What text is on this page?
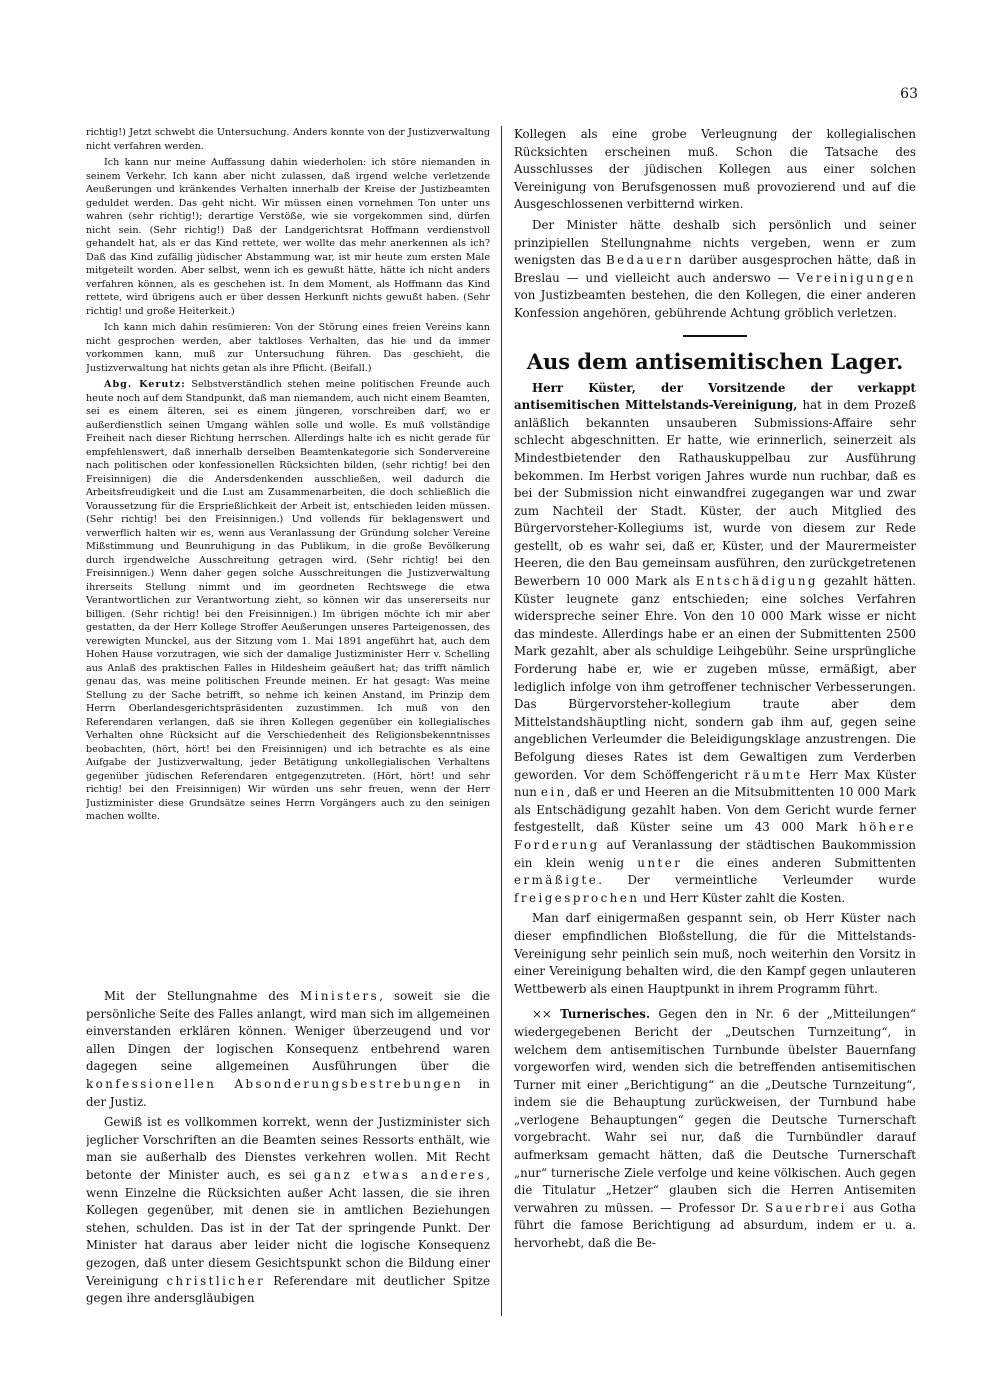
63

richtig!) Jetzt schwebt die Untersuchung. Anders konnte von der Justizverwaltung nicht verfahren werden.

Ich kann nur meine Auffassung dahin wiederholen: ich störe niemanden in seinem Verkehr. Ich kann aber nicht zulassen, daß irgend welche verletzende Aeußerungen und kränkendes Verhalten innerhalb der Kreise der Justizbeamten geduldet werden. Das geht nicht. Wir müssen einen vornehmen Ton unter uns wahren (sehr richtig!); derartige Verstöße, wie sie vorgekommen sind, dürfen nicht sein. (Sehr richtig!) Daß der Landgerichtsrat Hoffmann verdienstvoll gehandelt hat, als er das Kind rettete, wer wollte das mehr anerkennen als ich? Daß das Kind zufällig jüdischer Abstammung war, ist mir heute zum ersten Male mitgeteilt worden. Aber selbst, wenn ich es gewußt hätte, hätte ich nicht anders verfahren können, als es geschehen ist. In dem Moment, als Hoffmann das Kind rettete, wird übrigens auch er über dessen Herkunft nichts gewußt haben. (Sehr richtig! und große Heiterkeit.)

Ich kann mich dahin resümieren: Von der Störung eines freien Vereins kann nicht gesprochen werden, aber taktloses Verhalten, das hie und da immer vorkommen kann, muß zur Untersuchung führen. Das geschieht, die Justizverwaltung hat nichts getan als ihre Pflicht. (Beifall.)

Abg. Kerutz: Selbstverständlich stehen meine politischen Freunde auch heute noch auf dem Standpunkt, daß man niemandem, auch nicht einem Beamten, sei es einem älteren, sei es einem jüngeren, vorschreiben darf, wo er außerdienstlich seinen Umgang wählen solle und wolle. Es muß vollständige Freiheit nach dieser Richtung herrschen. Allerdings halte ich es nicht gerade für empfehlenswert, daß innerhalb derselben Beamtenkategorie sich Sondervereine nach politischen oder konfessionellen Rücksichten bilden, (sehr richtig! bei den Freisinnigen) die die Andersdenkenden ausschließen, weil dadurch die Arbeitsfreudigkeit und die Lust am Zusammenarbeiten, die doch schließlich die Voraussetzung für die Ersprießlichkeit der Arbeit ist, entschieden leiden müssen. (Sehr richtig! bei den Freisinnigen.) Und vollends für beklagenswert und verwerflich halten wir es, wenn aus Veranlassung der Gründung solcher Vereine Mißstimmung und Beunruhigung in das Publikum, in die große Bevölkerung durch irgendwelche Ausschreitung getragen wird. (Sehr richtig! bei den Freisinnigen.) Wenn daher gegen solche Ausschreitungen die Justizverwaltung ihrerseits Stellung nimmt und im geordneten Rechtswege die etwa Verantwortlichen zur Verantwortung zieht, so können wir das unsererseits nur billigen. (Sehr richtig! bei den Freisinnigen.) Im übrigen möchte ich mir aber gestatten, da der Herr Kollege Stroffer Aeußerungen unseres Parteigenossen, des verewigten Munckel, aus der Sitzung vom 1. Mai 1891 angeführt hat, auch dem Hohen Hause vorzutragen, wie sich der damalige Justizminister Herr v. Schelling aus Anlaß des praktischen Falles in Hildesheim geäußert hat; das trifft nämlich genau das, was meine politischen Freunde meinen. Er hat gesagt: Was meine Stellung zu der Sache betrifft, so nehme ich keinen Anstand, im Prinzip dem Herrn Oberlandesgerichtspräsidenten zuzustimmen. Ich muß von den Referendaren verlangen, daß sie ihren Kollegen gegenüber ein kollegialisches Verhalten ohne Rücksicht auf die Verschiedenheit des Religionsbekenntnisses beobachten, (hört, hört! bei den Freisinnigen) und ich betrachte es als eine Aufgabe der Justizverwaltung, jeder Betätigung unkollegialischen Verhaltens gegenüber jüdischen Referendaren entgegenzutreten. (Hört, hört! und sehr richtig! bei den Freisinnigen) Wir würden uns sehr freuen, wenn der Herr Justizminister diese Grundsätze seines Herrn Vorgängers auch zu den seinigen machen wollte.

Mit der Stellungnahme des Ministers, soweit sie die persönliche Seite des Falles anlangt, wird man sich im allgemeinen einverstanden erklären können. Weniger überzeugend und vor allen Dingen der logischen Konsequenz entbehrend waren dagegen seine allgemeinen Ausführungen über die konfessionellen Absonderungsbestrebungen in der Justiz.

Gewiß ist es vollkommen korrekt, wenn der Justizminister sich jeglicher Vorschriften an die Beamten seines Ressorts enthält, wie man sie außerhalb des Dienstes verkehren wollen. Mit Recht betonte der Minister auch, es sei ganz etwas anderes, wenn Einzelne die Rücksichten außer Acht lassen, die sie ihren Kollegen gegenüber, mit denen sie in amtlichen Beziehungen stehen, schulden. Das ist in der Tat der springende Punkt. Der Minister hat daraus aber leider nicht die logische Konsequenz gezogen, daß unter diesem Gesichtspunkt schon die Bildung einer Vereinigung christlicher Referendare mit deutlicher Spitze gegen ihre andersgläubigen

Kollegen als eine grobe Verleugnung der kollegialischen Rücksichten erscheinen muß. Schon die Tatsache des Ausschlusses der jüdischen Kollegen aus einer solchen Vereinigung von Berufsgenossen muß provozierend und auf die Ausgeschlossenen verbitternd wirken.

Der Minister hätte deshalb sich persönlich und seiner prinzipiellen Stellungnahme nichts vergeben, wenn er zum wenigsten das Bedauern darüber ausgesprochen hätte, daß in Breslau — und vielleicht auch anderswo — Vereinigungen von Justizbeamten bestehen, die den Kollegen, die einer anderen Konfession angehören, gebührende Achtung gröblich verletzen.

Aus dem antisemitischen Lager.

Herr Küster, der Vorsitzende der verkappt antisemitischen Mittelstands-Vereinigung, hat in dem Prozeß anläßlich bekannten unsauberen Submissions-Affaire sehr schlecht abgeschnitten. Er hatte, wie erinnerlich, seinerzeit als Mindestbietender den Rathauskuppelbau zur Ausführung bekommen. Im Herbst vorigen Jahres wurde nun ruchbar, daß es bei der Submission nicht einwandfrei zugegangen war und zwar zum Nachteil der Stadt. Küster, der auch Mitglied des Bürgervorsteher-Kollegiums ist, wurde von diesem zur Rede gestellt, ob es wahr sei, daß er, Küster, und der Maurermeister Heeren, die den Bau gemeinsam ausführen, den zurückgetretenen Bewerbern 10 000 Mark als Entschädigung gezahlt hätten. Küster leugnete ganz entschieden; eine solches Verfahren widerspreche seiner Ehre. Von den 10 000 Mark wisse er nicht das mindeste. Allerdings habe er an einen der Submittenten 2500 Mark gezahlt, aber als schuldige Leihgebühr. Seine ursprüngliche Forderung habe er, wie er zugeben müsse, ermäßigt, aber lediglich infolge von ihm getroffener technischer Verbesserungen. Das Bürgervorsteher-kollegium traute aber dem Mittelstandshäuptling nicht, sondern gab ihm auf, gegen seine angeblichen Verleumder die Beleidigungsklage anzustrengen. Die Befolgung dieses Rates ist dem Gewaltigen zum Verderben geworden. Vor dem Schöffengericht räumte Herr Max Küster nun ein, daß er und Heeren an die Mitsubmittenten 10 000 Mark als Entschädigung gezahlt haben. Von dem Gericht wurde ferner festgestellt, daß Küster seine um 43 000 Mark höhere Forderung auf Veranlassung der städtischen Baukommission ein klein wenig unter die eines anderen Submittenten ermäßigte. Der vermeintliche Verleumder wurde freigesprochen und Herr Küster zahlt die Kosten.

Man darf einigermaßen gespannt sein, ob Herr Küster nach dieser empfindlichen Bloßstellung, die für die Mittelstands-Vereinigung sehr peinlich sein muß, noch weiterhin den Vorsitz in einer Vereinigung behalten wird, die den Kampf gegen unlauteren Wettbewerb als einen Hauptpunkt in ihrem Programm führt.

×× Turnerisches. Gegen den in Nr. 6 der „Mitteilungen“ wiedergegebenen Bericht der „Deutschen Turnzeitung“, in welchem dem antisemitischen Turnbunde übelster Bauernfang vorgeworfen wird, wenden sich die betreffenden antisemitischen Turner mit einer „Berichtigung“ an die „Deutsche Turnzeitung“, indem sie die Behauptung zurückweisen, der Turnbund habe „verlogene Behauptungen“ gegen die Deutsche Turnerschaft vorgebracht. Wahr sei nur, daß die Turnbündler darauf aufmerksam gemacht hätten, daß die Deutsche Turnerschaft „nur“ turnerische Ziele verfolge und keine völkischen. Auch gegen die Titulatur „Hetzer“ glauben sich die Herren Antisemiten verwahren zu müssen. — Professor Dr. Sauerbrei aus Gotha führt die famose Berichtigung ad absurdum, indem er u. a. hervorhebt, daß die Be-
